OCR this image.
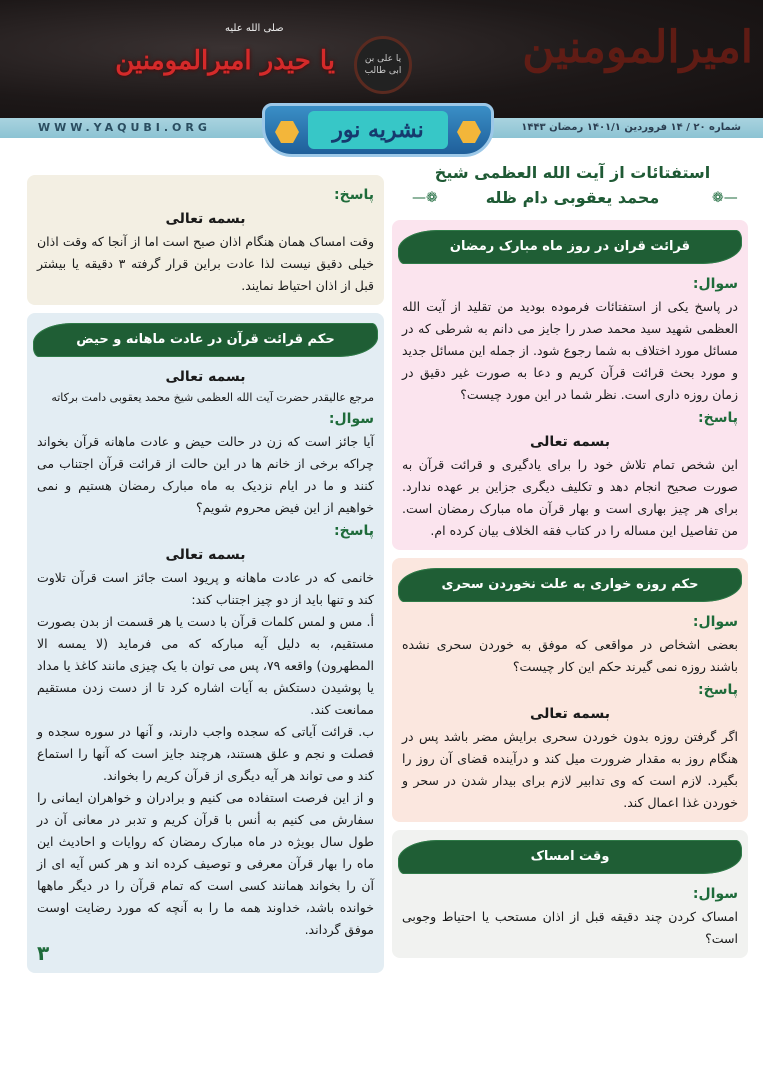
امیرالمومنین
صلی الله علیه
یا حیدر امیرالمومنین	یا علی بن ابی طالب
WWW.YAQUBI.ORG	شماره ۲۰ / ۱۴ فروردین ۱۴۰۱/۱ رمضان ۱۴۴۳
نشریه نور
—❁	❁—
استفتائات از آیت الله العظمی شیخ
محمد یعقوبی دام ظله
قرائت قران در روز ماه مبارک رمضان
سوال:

در پاسخ یکی از استفتائات فرموده بودید من تقلید از آیت الله العظمی شهید سید محمد صدر را جایز می دانم به شرطی که در مسائل مورد اختلاف به شما رجوع شود. از جمله این مسائل جدید و مورد بحث قرائت قرآن کریم و دعا به صورت غیر دقیق در زمان روزه داری است. نظر شما در این مورد چیست؟

پاسخ:
بسمه تعالی

این شخص تمام تلاش خود را برای یادگیری و قرائت قرآن به صورت صحیح انجام دهد و تکلیف دیگری جزاین بر عهده ندارد. برای هر چیز بهاری است و بهار قرآن ماه مبارک رمضان است. من تفاصیل این مساله را در کتاب فقه الخلاف بیان کرده ام.

حکم روزه خواری به علت نخوردن سحری
سوال:

بعضی اشخاص در مواقعی که موفق به خوردن سحری نشده باشند روزه نمی گیرند حکم این کار چیست؟

پاسخ:
بسمه تعالی

اگر گرفتن روزه بدون خوردن سحری برایش مضر باشد پس در هنگام روز به مقدار ضرورت میل کند و درآینده قضای آن روز را بگیرد. لازم است که وی تدابیر لازم برای بیدار شدن در سحر و خوردن غذا اعمال کند.

وقت امساک
سوال:

امساک کردن چند دقیقه قبل از اذان مستحب یا احتیاط وجوبی است؟

پاسخ:
بسمه تعالی

وقت امساک همان هنگام اذان صبح است اما از آنجا که وقت اذان خیلی دقیق نیست لذا عادت براین قرار گرفته ۳ دقیقه یا بیشتر قبل از اذان احتیاط نمایند.

حکم قرائت قرآن در عادت ماهانه و حیض
بسمه تعالی

مرجع عالیقدر حضرت آیت الله العظمی شیخ محمد یعقوبی دامت برکاته

سوال:

آیا جائز است که زن در حالت حیض و عادت ماهانه قرآن بخواند چراکه برخی از خانم ها در این حالت از قرائت قرآن اجتناب می کنند و ما در ایام نزدیک به ماه مبارک رمضان هستیم و نمی خواهیم از این فیض محروم شویم؟

پاسخ:
بسمه تعالی

خانمی که در عادت ماهانه و پریود است جائز است قرآن تلاوت کند و تنها باید از دو چیز اجتناب کند:

أ. مس و لمس کلمات قرآن با دست یا هر قسمت از بدن بصورت مستقیم، به دلیل آیه مبارکه که می فرماید (لا یمسه الا المطهرون) واقعه ۷۹، پس می توان با یک چیزی مانند کاغذ یا مداد یا پوشیدن دستکش به آیات اشاره کرد تا از دست زدن مستقیم ممانعت کند.

ب. قرائت آیاتی که سجده واجب دارند، و آنها در سوره سجده و فصلت و نجم و علق هستند، هرچند جایز است که آنها را استماع کند و می تواند هر آیه دیگری از قرآن کریم را بخواند.

و از این فرصت استفاده می کنیم و برادران و خواهران ایمانی را سفارش می کنیم به أنس با قرآن کریم و تدبر در معانی آن در طول سال بویژه در ماه مبارک رمضان که روایات و احادیث این ماه را بهار قرآن معرفی و توصیف کرده اند و هر کس آیه ای از آن را بخواند همانند کسی است که تمام قرآن را در دیگر ماهها خوانده باشد، خداوند همه ما را به آنچه که مورد رضایت اوست موفق گرداند.

۳
